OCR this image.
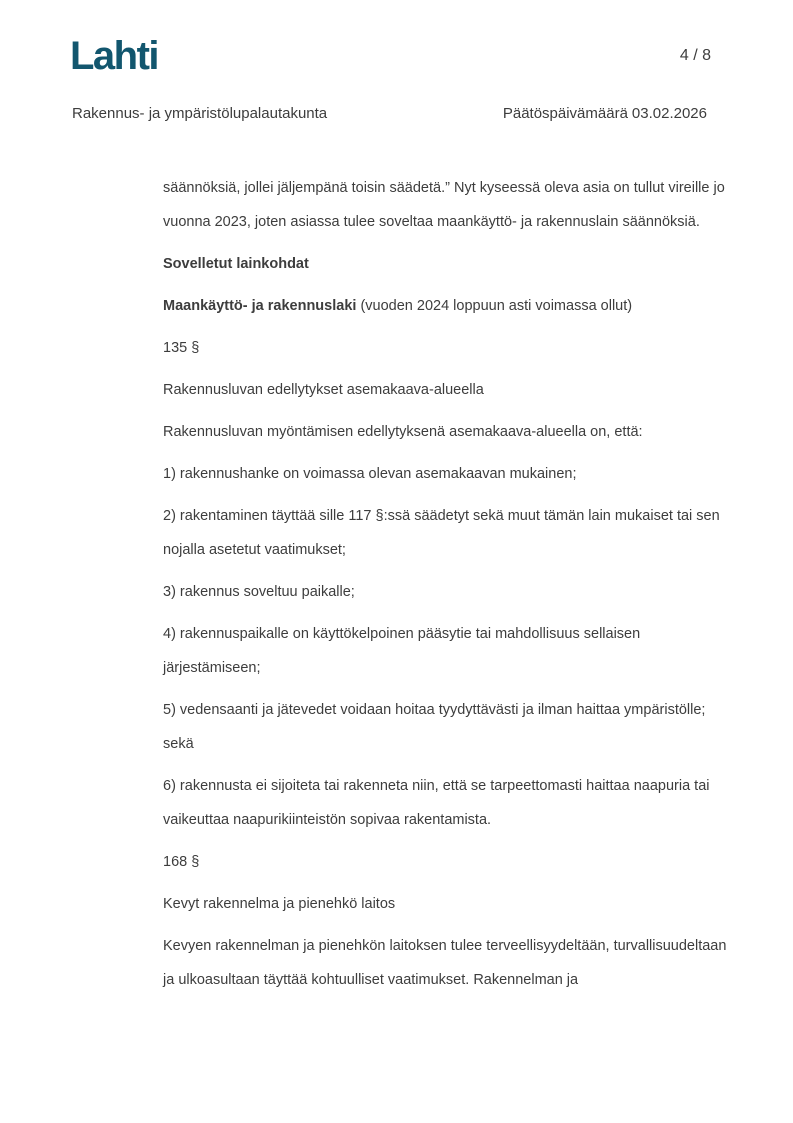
Lahti	4 / 8
Rakennus- ja ympäristölupalautakunta	Päätöspäivämäärä 03.02.2026

säännöksiä, jollei jäljempänä toisin säädetä.” Nyt kyseessä oleva asia on tullut vireille jo vuonna 2023, joten asiassa tulee soveltaa maankäyttö- ja rakennuslain säännöksiä.

Sovelletut lainkohdat

Maankäyttö- ja rakennuslaki (vuoden 2024 loppuun asti voimassa ollut)

135 §

Rakennusluvan edellytykset asemakaava-alueella

Rakennusluvan myöntämisen edellytyksenä asemakaava-alueella on, että:

1) rakennushanke on voimassa olevan asemakaavan mukainen;

2) rakentaminen täyttää sille 117 §:ssä säädetyt sekä muut tämän lain mukaiset tai sen nojalla asetetut vaatimukset;

3) rakennus soveltuu paikalle;

4) rakennuspaikalle on käyttökelpoinen pääsytie tai mahdollisuus sellaisen järjestämiseen;

5) vedensaanti ja jätevedet voidaan hoitaa tyydyttävästi ja ilman haittaa ympäristölle; sekä

6) rakennusta ei sijoiteta tai rakenneta niin, että se tarpeettomasti haittaa naapuria tai vaikeuttaa naapurikiinteistön sopivaa rakentamista.

168 §

Kevyt rakennelma ja pienehkö laitos

Kevyen rakennelman ja pienehkön laitoksen tulee terveellisyydeltään, turvallisuudeltaan ja ulkoasultaan täyttää kohtuulliset vaatimukset. Rakennelman ja
